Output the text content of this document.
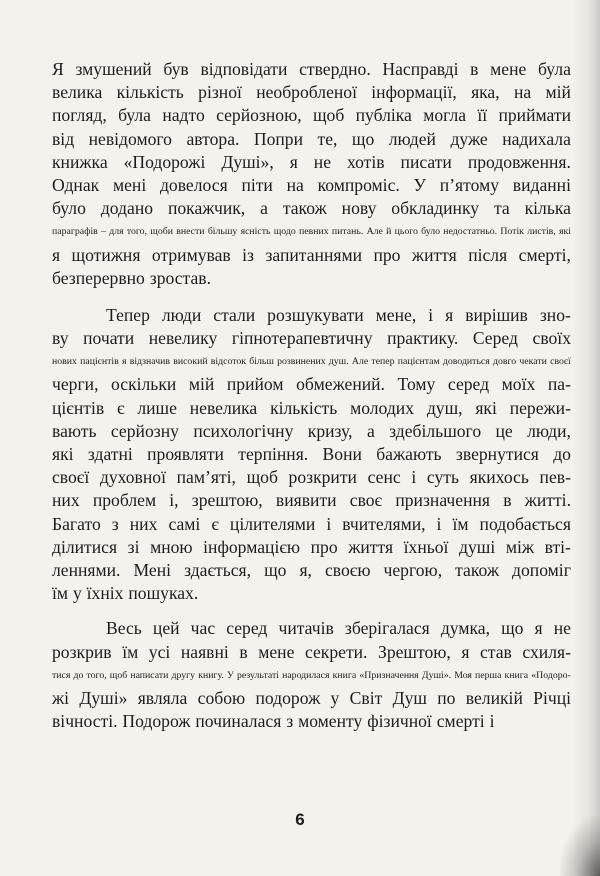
Я змушений був відповідати ствердно. Насправді в мене була
велика кількість різної необробленої інформації, яка, на мій
погляд, була надто серйозною, щоб публіка могла її приймати
від невідомого автора. Попри те, що людей дуже надихала
книжка «Подорожі Душі», я не хотів писати продовження.
Однак мені довелося піти на компроміс. У п’ятому виданні
було додано покажчик, а також нову обкладинку та кілька
параграфів – для того, щоби внести більшу ясність щодо певних питань. Але й цього було недостатньо. Потік листів, які
я щотижня отримував із запитаннями про життя після смерті,
безперервно зростав.
Тепер люди стали розшукувати мене, і я вирішив зно-
ву почати невелику гіпнотерапевтичну практику. Серед своїх
нових пацієнтів я відзначив високий відсоток більш розвинених душ. Але тепер пацієнтам доводиться довго чекати своєї
черги, оскільки мій прийом обмежений. Тому серед моїх па-
цієнтів є лише невелика кількість молодих душ, які пережи-
вають серйозну психологічну кризу, а здебільшого це люди,
які здатні проявляти терпіння. Вони бажають звернутися до
своєї духовної пам’яті, щоб розкрити сенс і суть якихось пев-
них проблем і, зрештою, виявити своє призначення в житті.
Багато з них самі є цілителями і вчителями, і їм подобається
ділитися зі мною інформацією про життя їхньої душі між вті-
леннями. Мені здається, що я, своєю чергою, також допоміг
їм у їхніх пошуках.
Весь цей час серед читачів зберігалася думка, що я не
розкрив їм усі наявні в мене секрети. Зрештою, я став схиля-
тися до того, щоб написати другу книгу. У результаті народилася книга «Призначення Душі». Моя перша книга «Подоро-
жі Душі» являла собою подорож у Світ Душ по великій Річці
вічності. Подорож починалася з моменту фізичної смерті і
6
